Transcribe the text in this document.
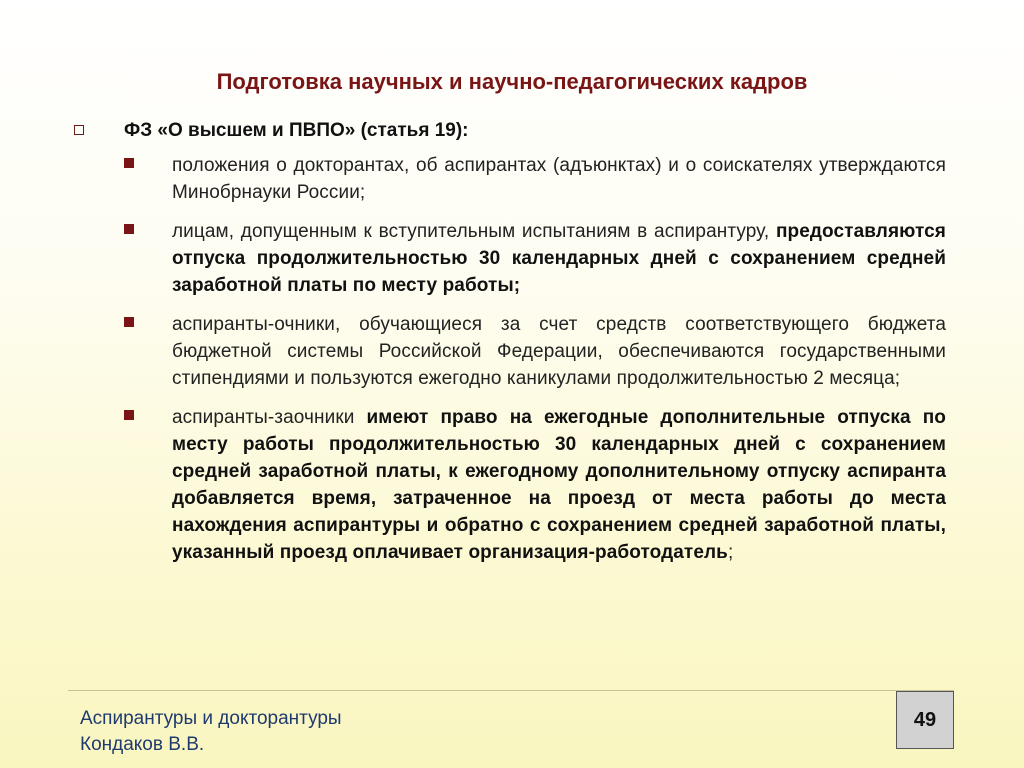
Подготовка научных и научно-педагогических кадров
ФЗ «О высшем и ПВПО» (статья 19):
положения о докторантах, об аспирантах (адъюнктах) и о соискателях утверждаются Минобрнауки России;
лицам, допущенным к вступительным испытаниям в аспирантуру, предоставляются отпуска продолжительностью 30 календарных дней с сохранением средней заработной платы по месту работы;
аспиранты-очники, обучающиеся за счет средств соответствующего бюджета бюджетной системы Российской Федерации, обеспечиваются государственными стипендиями и пользуются ежегодно каникулами продолжительностью 2 месяца;
аспиранты-заочники имеют право на ежегодные дополнительные отпуска по месту работы продолжительностью 30 календарных дней с сохранением средней заработной платы, к ежегодному дополнительному отпуску аспиранта добавляется время, затраченное на проезд от места работы до места нахождения аспирантуры и обратно с сохранением средней заработной платы, указанный проезд оплачивает организация-работодатель;
Аспирантуры и докторантуры
Кондаков В.В.
49
